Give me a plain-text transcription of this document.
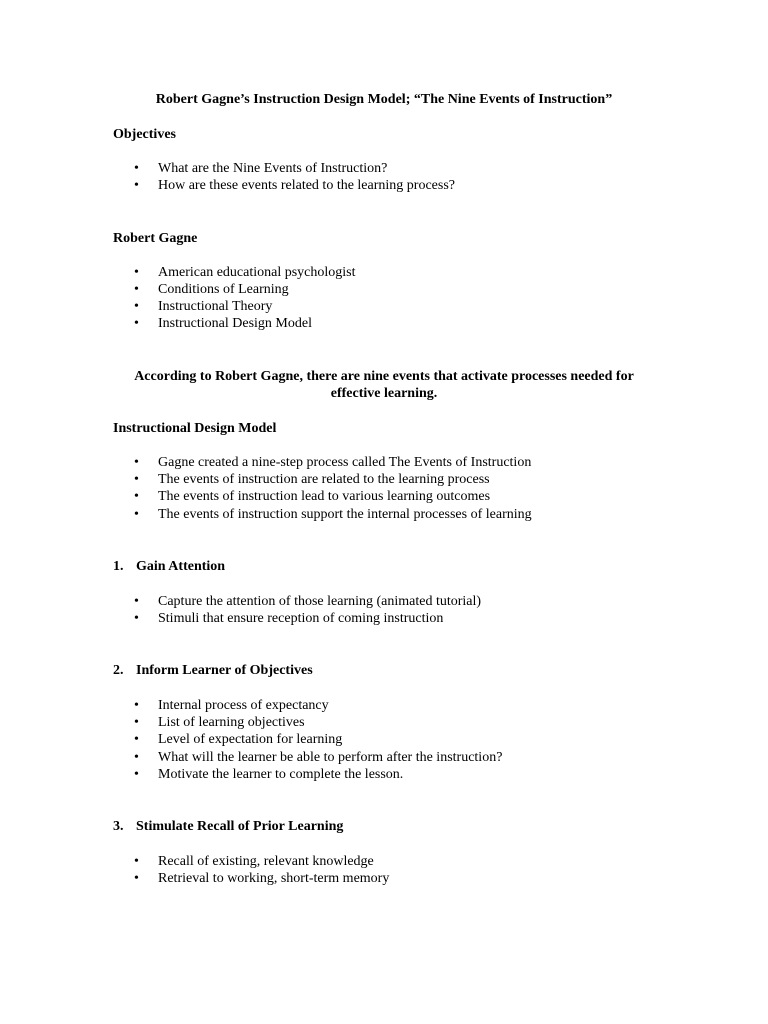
Robert Gagne’s Instruction Design Model; “The Nine Events of Instruction”
Objectives
• What are the Nine Events of Instruction?
• How are these events related to the learning process?
Robert Gagne
• American educational psychologist
• Conditions of Learning
• Instructional Theory
• Instructional Design Model
According to Robert Gagne, there are nine events that activate processes needed for
effective learning.
Instructional Design Model
• Gagne created a nine-step process called The Events of Instruction
• The events of instruction are related to the learning process
• The events of instruction lead to various learning outcomes
• The events of instruction support the internal processes of learning
1. Gain Attention
• Capture the attention of those learning (animated tutorial)
• Stimuli that ensure reception of coming instruction
2. Inform Learner of Objectives
• Internal process of expectancy
• List of learning objectives
• Level of expectation for learning
• What will the learner be able to perform after the instruction?
• Motivate the learner to complete the lesson.
3. Stimulate Recall of Prior Learning
• Recall of existing, relevant knowledge
• Retrieval to working, short-term memory
